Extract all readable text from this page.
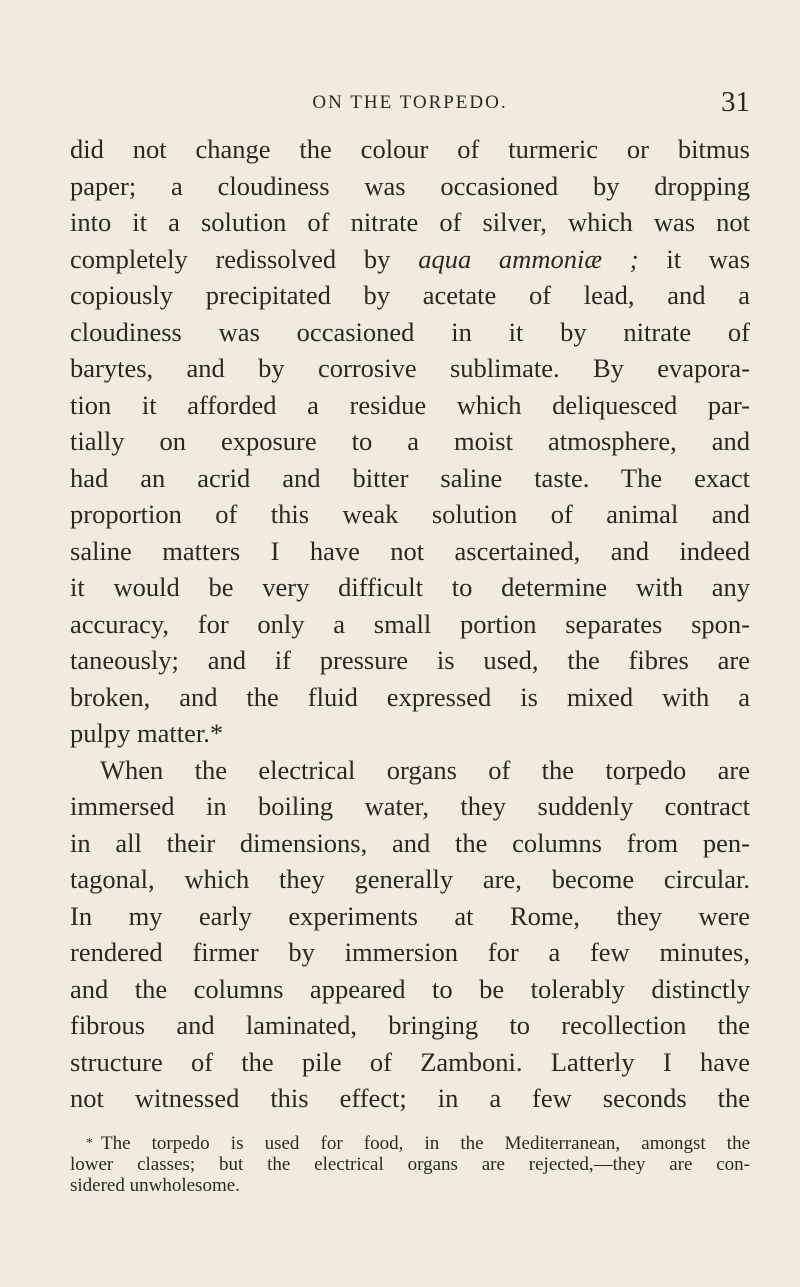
ON THE TORPEDO.	31
did not change the colour of turmeric or bitmus
paper; a cloudiness was occasioned by dropping
into it a solution of nitrate of silver, which was not
completely redissolved by aqua ammoniæ ; it was
copiously precipitated by acetate of lead, and a
cloudiness was occasioned in it by nitrate of
barytes, and by corrosive sublimate. By evapora-
tion it afforded a residue which deliquesced par-
tially on exposure to a moist atmosphere, and
had an acrid and bitter saline taste. The exact
proportion of this weak solution of animal and
saline matters I have not ascertained, and indeed
it would be very difficult to determine with any
accuracy, for only a small portion separates spon-
taneously; and if pressure is used, the fibres are
broken, and the fluid expressed is mixed with a
pulpy matter.*
When the electrical organs of the torpedo are
immersed in boiling water, they suddenly contract
in all their dimensions, and the columns from pen-
tagonal, which they generally are, become circular.
In my early experiments at Rome, they were
rendered firmer by immersion for a few minutes,
and the columns appeared to be tolerably distinctly
fibrous and laminated, bringing to recollection the
structure of the pile of Zamboni. Latterly I have
not witnessed this effect; in a few seconds the
* The torpedo is used for food, in the Mediterranean, amongst the
lower classes; but the electrical organs are rejected,—they are con-
sidered unwholesome.
